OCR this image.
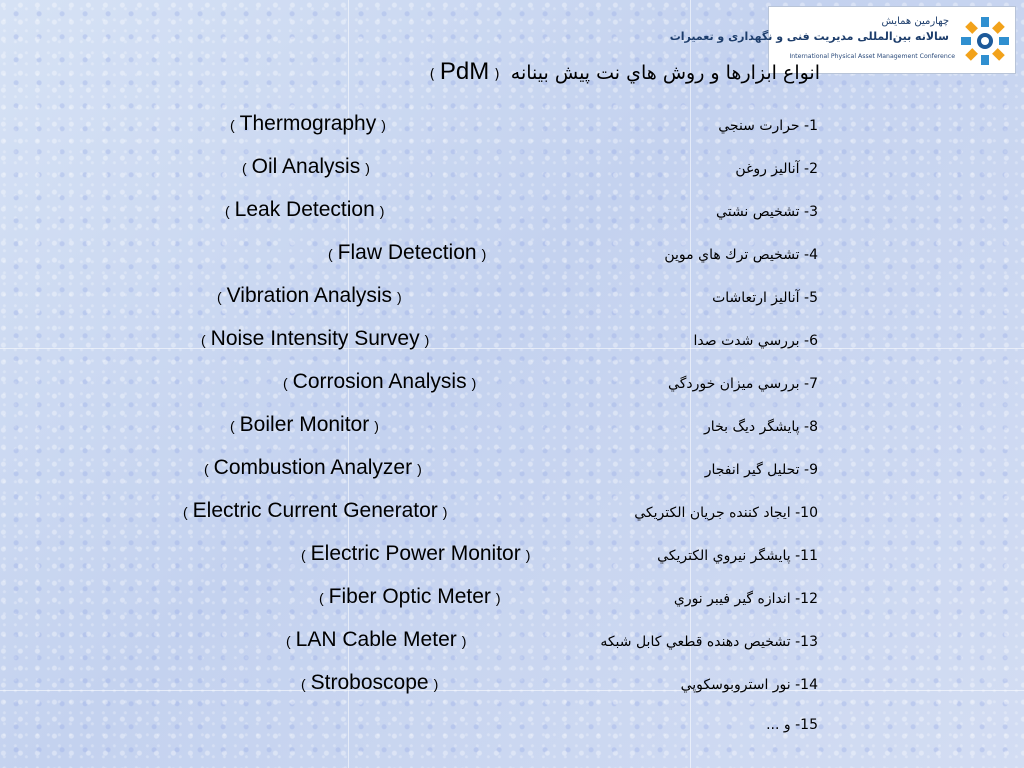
چهارمین همایش
سالانه بین‌المللی مدیریت فنی و نگهداری و تعمیرات
International Physical Asset Management Conference
( PdM ) انواع ابزارها و روش هاي نت پیش بینانه
1- حرارت سنجي
( Thermography )
2- آنالیز روغن
( Oil Analysis )
3- تشخیص نشتي
( Leak Detection )
4- تشخیص ترك هاي موین
( Flaw Detection )
5- آنالیز ارتعاشات
( Vibration Analysis )
6- بررسي شدت صدا
( Noise Intensity Survey )
7- بررسي میزان خوردگي
( Corrosion Analysis )
8- پایشگر دیگ بخار
( Boiler Monitor )
9- تحلیل گیر انفجار
( Combustion Analyzer )
10- ایجاد کننده جریان الکتریکي
( Electric Current Generator )
11- پایشگر نیروي الکتریکي
( Electric Power Monitor )
12- اندازه گیر فیبر نوري
( Fiber Optic Meter )
13- تشخیص دهنده قطعي کابل شبکه
( LAN Cable Meter )
14- نور استروبوسکوپي
( Stroboscope )
15- و ...
